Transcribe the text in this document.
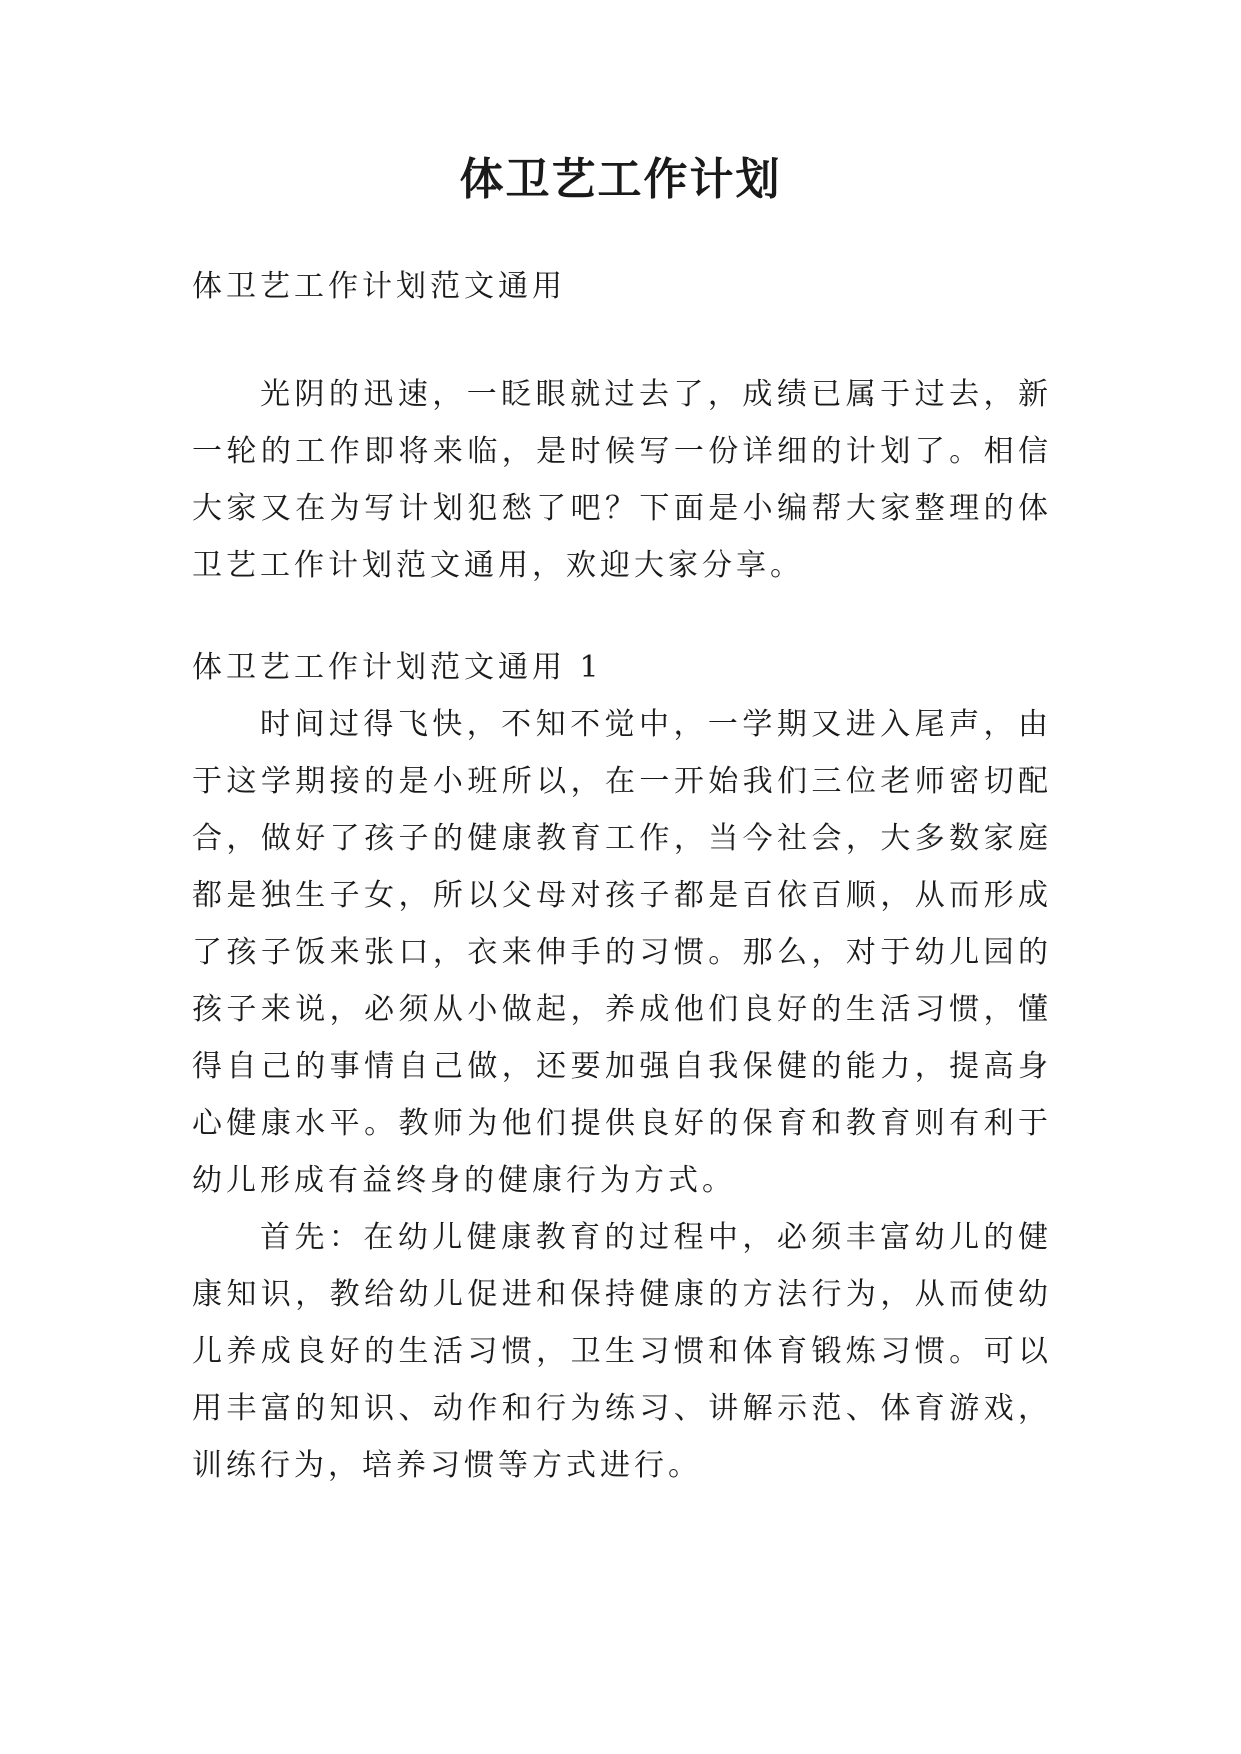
体卫艺工作计划

体卫艺工作计划范文通用

光阴的迅速，一眨眼就过去了，成绩已属于过去，新一轮的工作即将来临，是时候写一份详细的计划了。相信大家又在为写计划犯愁了吧？下面是小编帮大家整理的体卫艺工作计划范文通用，欢迎大家分享。

体卫艺工作计划范文通用 1

时间过得飞快，不知不觉中，一学期又进入尾声，由于这学期接的是小班所以，在一开始我们三位老师密切配合，做好了孩子的健康教育工作，当今社会，大多数家庭都是独生子女，所以父母对孩子都是百依百顺，从而形成了孩子饭来张口，衣来伸手的习惯。那么，对于幼儿园的孩子来说，必须从小做起，养成他们良好的生活习惯，懂得自己的事情自己做，还要加强自我保健的能力，提高身心健康水平。教师为他们提供良好的保育和教育则有利于幼儿形成有益终身的健康行为方式。

首先：在幼儿健康教育的过程中，必须丰富幼儿的健康知识，教给幼儿促进和保持健康的方法行为，从而使幼儿养成良好的生活习惯，卫生习惯和体育锻炼习惯。可以用丰富的知识、动作和行为练习、讲解示范、体育游戏，训练行为，培养习惯等方式进行。
